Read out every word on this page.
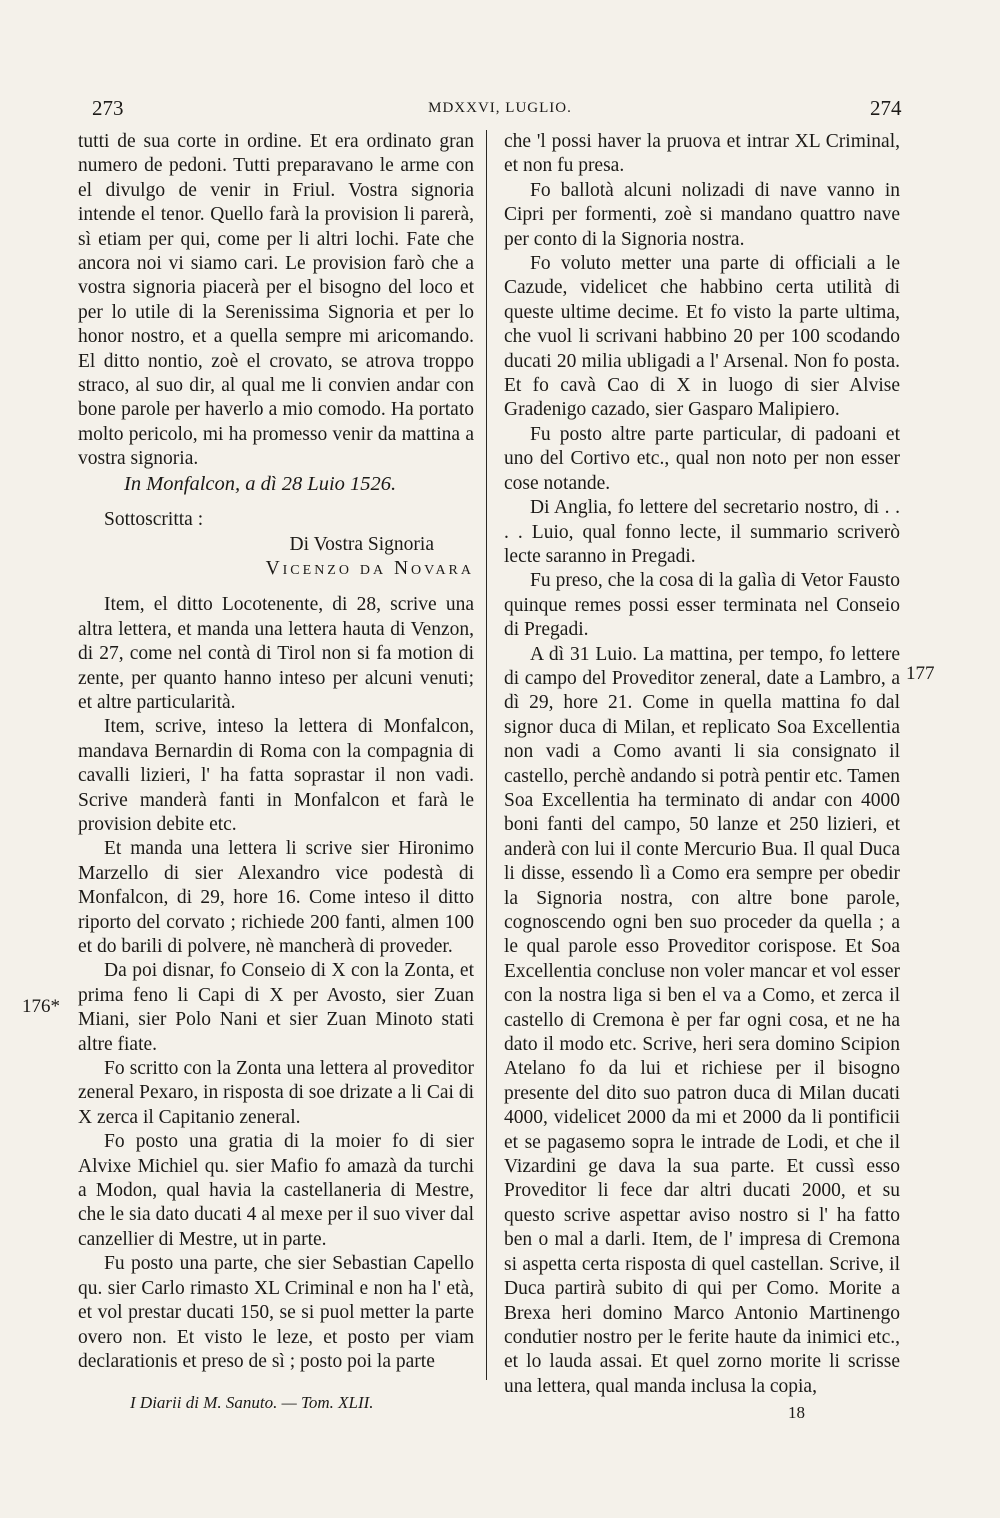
273	MDXXVI, LUGLIO.	274

tutti de sua corte in ordine. Et era ordinato gran numero de pedoni. Tutti preparavano le arme con el divulgo de venir in Friul. Vostra signoria intende el tenor. Quello farà la provision li parerà, sì etiam per qui, come per li altri lochi. Fate che ancora noi vi siamo cari. Le provision farò che a vostra signoria piacerà per el bisogno del loco et per lo utile di la Serenissima Signoria et per lo honor nostro, et a quella sempre mi aricomando. El ditto nontio, zoè el crovato, se atrova troppo straco, al suo dir, al qual me li convien andar con bone parole per haverlo a mio comodo. Ha portato molto pericolo, mi ha promesso venir da mattina a vostra signoria.

In Monfalcon, a dì 28 Luio 1526.

Sottoscritta :

Di Vostra Signoria

Vicenzo da Novara

Item, el ditto Locotenente, di 28, scrive una altra lettera, et manda una lettera hauta di Venzon, di 27, come nel contà di Tirol non si fa motion di zente, per quanto hanno inteso per alcuni venuti; et altre particularità.

Item, scrive, inteso la lettera di Monfalcon, mandava Bernardin di Roma con la compagnia di cavalli lizieri, l' ha fatta soprastar il non vadi. Scrive manderà fanti in Monfalcon et farà le provision debite etc.

Et manda una lettera li scrive sier Hironimo Marzello di sier Alexandro vice podestà di Monfalcon, di 29, hore 16. Come inteso il ditto riporto del corvato ; richiede 200 fanti, almen 100 et do barili di polvere, nè mancherà di proveder.

Da poi disnar, fo Conseio di X con la Zonta, et prima feno li Capi di X per Avosto, sier Zuan Miani, sier Polo Nani et sier Zuan Minoto stati altre fiate.

Fo scritto con la Zonta una lettera al proveditor zeneral Pexaro, in risposta di soe drizate a li Cai di X zerca il Capitanio zeneral.

Fo posto una gratia di la moier fo di sier Alvixe Michiel qu. sier Mafio fo amazà da turchi a Modon, qual havia la castellaneria di Mestre, che le sia dato ducati 4 al mexe per il suo viver dal canzellier di Mestre, ut in parte.

Fu posto una parte, che sier Sebastian Capello qu. sier Carlo rimasto XL Criminal e non ha l' età, et vol prestar ducati 150, se si puol metter la parte overo non. Et visto le leze, et posto per viam declarationis et preso de sì ; posto poi la parte

che 'l possi haver la pruova et intrar XL Criminal, et non fu presa.

Fo ballotà alcuni nolizadi di nave vanno in Cipri per formenti, zoè si mandano quattro nave per conto di la Signoria nostra.

Fo voluto metter una parte di officiali a le Cazude, videlicet che habbino certa utilità di queste ultime decime. Et fo visto la parte ultima, che vuol li scrivani habbino 20 per 100 scodando ducati 20 milia ubligadi a l' Arsenal. Non fo posta. Et fo cavà Cao di X in luogo di sier Alvise Gradenigo cazado, sier Gasparo Malipiero.

Fu posto altre parte particular, di padoani et uno del Cortivo etc., qual non noto per non esser cose notande.

Di Anglia, fo lettere del secretario nostro, di . . . . Luio, qual fonno lecte, il summario scriverò lecte saranno in Pregadi.

Fu preso, che la cosa di la galìa di Vetor Fausto quinque remes possi esser terminata nel Conseio di Pregadi.

A dì 31 Luio. La mattina, per tempo, fo lettere di campo del Proveditor zeneral, date a Lambro, a dì 29, hore 21. Come in quella mattina fo dal signor duca di Milan, et replicato Soa Excellentia non vadi a Como avanti li sia consignato il castello, perchè andando si potrà pentir etc. Tamen Soa Excellentia ha terminato di andar con 4000 boni fanti del campo, 50 lanze et 250 lizieri, et anderà con lui il conte Mercurio Bua. Il qual Duca li disse, essendo lì a Como era sempre per obedir la Signoria nostra, con altre bone parole, cognoscendo ogni ben suo proceder da quella ; a le qual parole esso Proveditor corispose. Et Soa Excellentia concluse non voler mancar et vol esser con la nostra liga si ben el va a Como, et zerca il castello di Cremona è per far ogni cosa, et ne ha dato il modo etc. Scrive, heri sera domino Scipion Atelano fo da lui et richiese per il bisogno presente del dito suo patron duca di Milan ducati 4000, videlicet 2000 da mi et 2000 da li pontificii et se pagasemo sopra le intrade de Lodi, et che il Vizardini ge dava la sua parte. Et cussì esso Proveditor li fece dar altri ducati 2000, et su questo scrive aspettar aviso nostro si l' ha fatto ben o mal a darli. Item, de l' impresa di Cremona si aspetta certa risposta di quel castellan. Scrive, il Duca partirà subito di qui per Como. Morite a Brexa heri domino Marco Antonio Martinengo condutier nostro per le ferite haute da inimici etc., et lo lauda assai. Et quel zorno morite li scrisse una lettera, qual manda inclusa la copia,

176*
177
I Diarii di M. Sanuto. — Tom. XLII.
18
